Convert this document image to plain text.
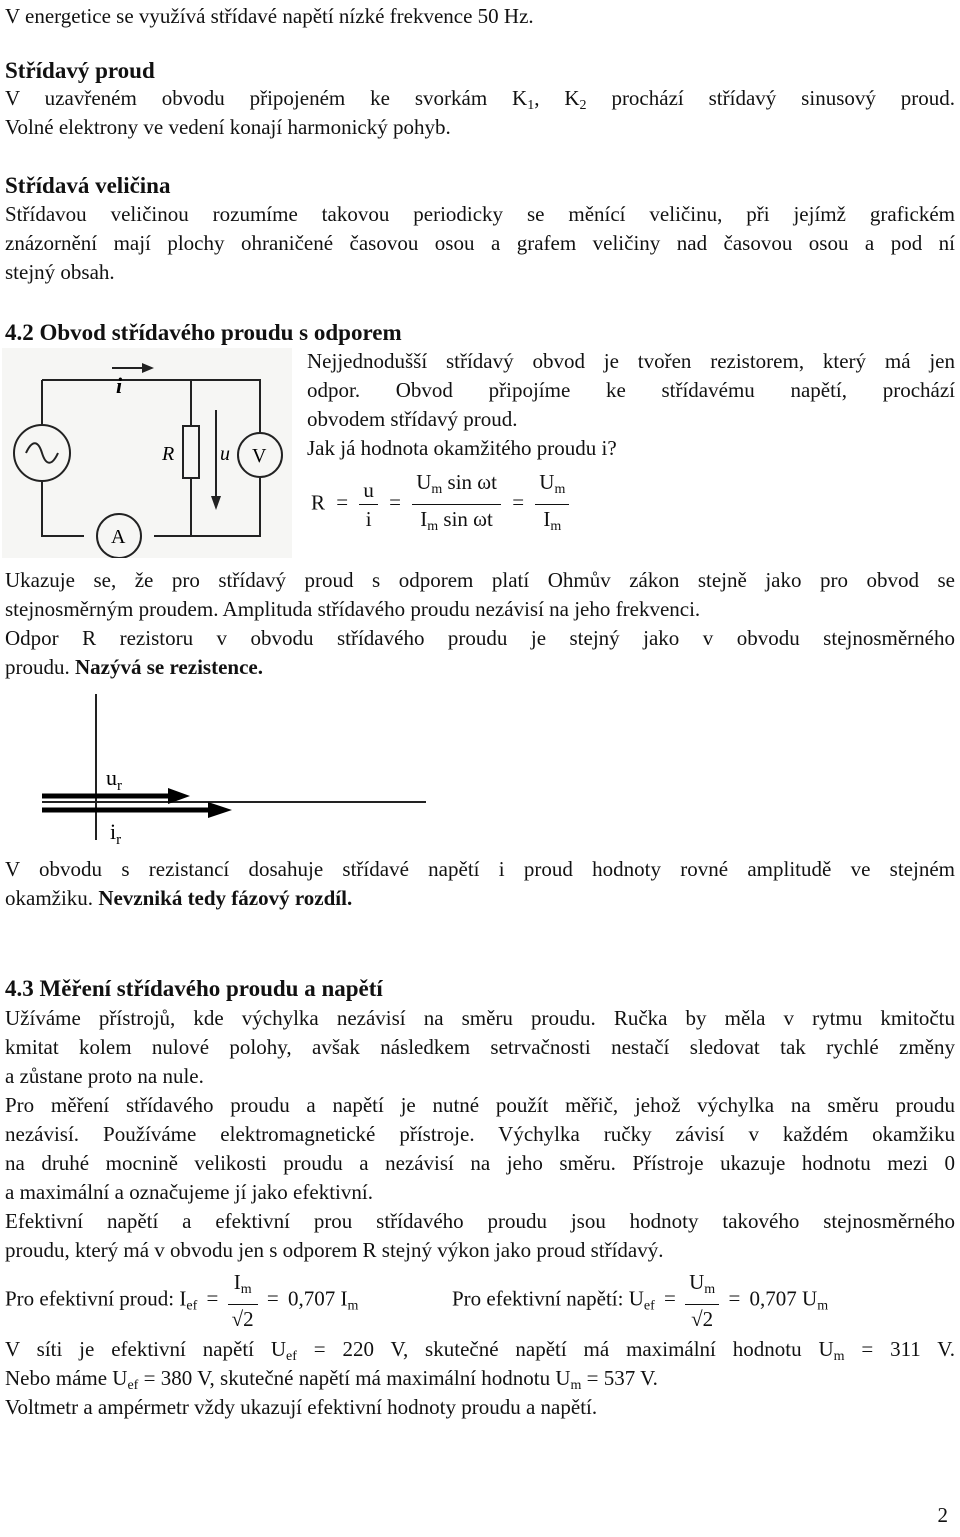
V energetice se využívá střídavé napětí nízké frekvence 50 Hz.
Střídavý proud
V uzavřeném obvodu připojeném ke svorkám $K_1$, $K_2$ prochází střídavý sinusový proud.
Volné elektrony ve vedení konají harmonický pohyb.
Střídavá veličina
Střídavou veličinou rozumíme takovou periodicky se měnící veličinu, při jejímž grafickém
znázornění mají plochy ohraničené časovou osou a grafem veličiny nad časovou osou a pod ní
stejný obsah.
4.2 Obvod střídavého proudu s odporem
i
R u V
A
Nejjednodušší střídavý obvod je tvořen rezistorem, který má jen
odpor. Obvod připojíme ke střídavému napětí, prochází
obvodem střídavý proud.
Jak já hodnota okamžitého proudu i?
$R = \frac{u}{i} = \frac{U_m \sin \omega t}{I_m \sin \omega t} = \frac{U_m}{I_m}$
Ukazuje se, že pro střídavý proud s odporem platí Ohmův zákon stejně jako pro obvod se
stejnosměrným proudem. Amplituda střídavého proudu nezávisí na jeho frekvenci.
Odpor R rezistoru v obvodu střídavého proudu je stejný jako v obvodu stejnosměrného
proudu. Nazývá se rezistence.
$u_r$
$i_r$
V obvodu s rezistancí dosahuje střídavé napětí i proud hodnoty rovné amplitudě ve stejném
okamžiku. Nevzniká tedy fázový rozdíl.
4.3 Měření střídavého proudu a napětí
Užíváme přístrojů, kde výchylka nezávisí na směru proudu. Ručka by měla v rytmu kmitočtu
kmitat kolem nulové polohy, avšak následkem setrvačnosti nestačí sledovat tak rychlé změny
a zůstane proto na nule.
Pro měření střídavého proudu a napětí je nutné použít měřič, jehož výchylka na směru proudu
nezávisí. Používáme elektromagnetické přístroje. Výchylka ručky závisí v každém okamžiku
na druhé mocnině velikosti proudu a nezávisí na jeho směru. Přístroje ukazuje hodnotu mezi 0
a maximální a označujeme jí jako efektivní.
Efektivní napětí a efektivní prou střídavého proudu jsou hodnoty takového stejnosměrného
proudu, který má v obvodu jen s odporem R stejný výkon jako proud střídavý.
Pro efektivní proud: $I_{ef} = \frac{I_m}{√2} = 0,707$ $I_m$	Pro efektivní napětí: $U_{ef} = \frac{U_m}{√2} = 0,707$ $U_m$
V síti je efektivní napětí $U_{ef} = 220$ V, skutečné napětí má maximální hodnotu $U_m = 311$ V.
Nebo máme $U_{ef} = 380$ V, skutečné napětí má maximální hodnotu $U_m = 537$ V.
Voltmetr a ampérmetr vždy ukazují efektivní hodnoty proudu a napětí.
2
